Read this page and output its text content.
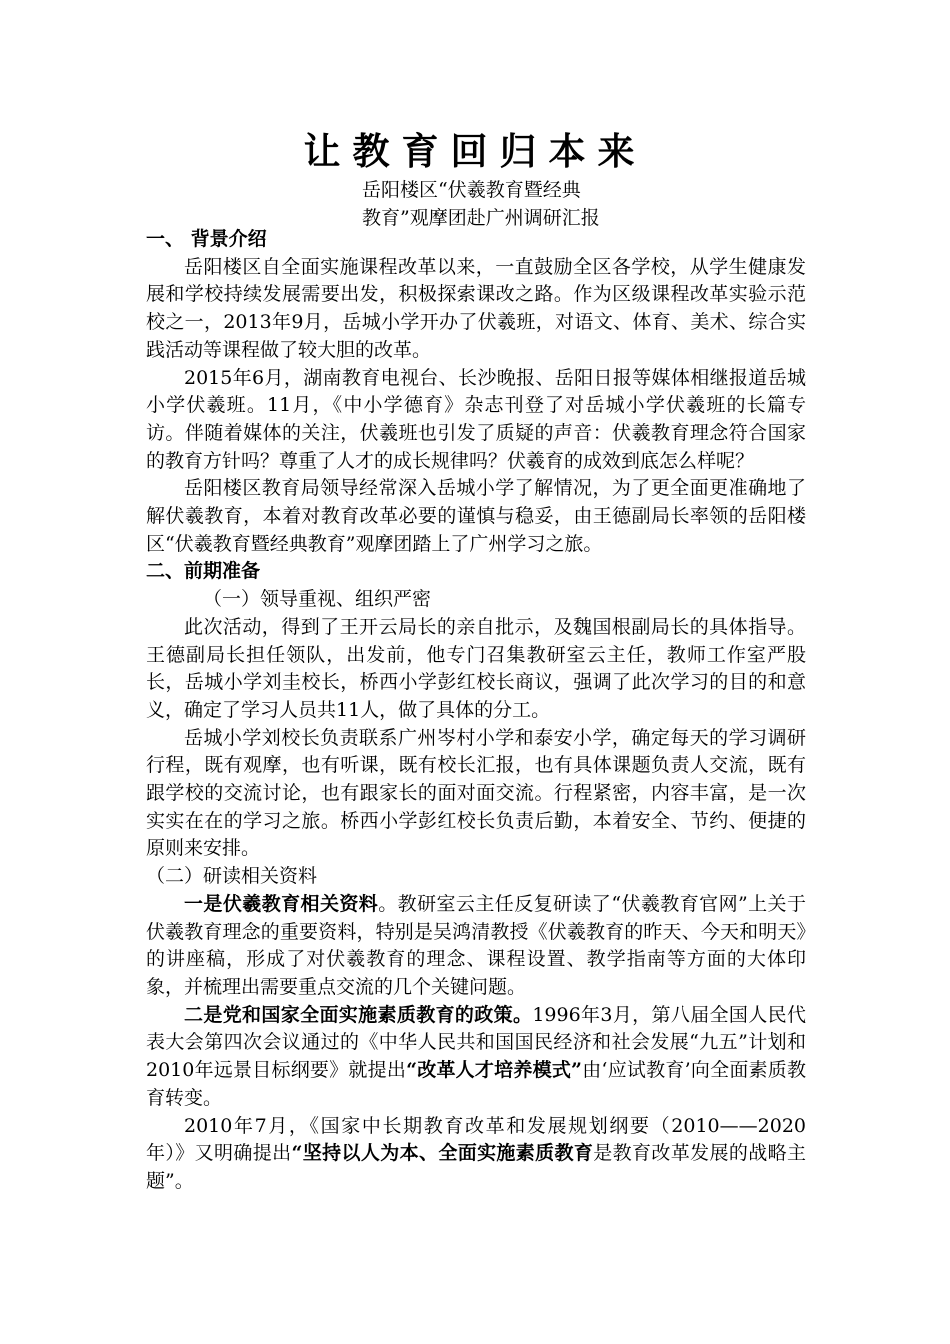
让教育回归本来
岳阳楼区“伏羲教育暨经典
教育”观摩团赴广州调研汇报

一、 背景介绍

岳阳楼区自全面实施课程改革以来，一直鼓励全区各学校，从学生健康发展和学校持续发展需要出发，积极探索课改之路。作为区级课程改革实验示范校之一，2013年9月，岳城小学开办了伏羲班，对语文、体育、美术、综合实践活动等课程做了较大胆的改革。

2015年6月，湖南教育电视台、长沙晚报、岳阳日报等媒体相继报道岳城小学伏羲班。11月，《中小学德育》杂志刊登了对岳城小学伏羲班的长篇专访。伴随着媒体的关注，伏羲班也引发了质疑的声音：伏羲教育理念符合国家的教育方针吗？尊重了人才的成长规律吗？伏羲育的成效到底怎么样呢？

岳阳楼区教育局领导经常深入岳城小学了解情况，为了更全面更准确地了解伏羲教育，本着对教育改革必要的谨慎与稳妥，由王德副局长率领的岳阳楼区“伏羲教育暨经典教育”观摩团踏上了广州学习之旅。

二、前期准备

（一）领导重视、组织严密

此次活动，得到了王开云局长的亲自批示，及魏国根副局长的具体指导。王德副局长担任领队，出发前，他专门召集教研室云主任，教师工作室严股长，岳城小学刘圭校长，桥西小学彭红校长商议，强调了此次学习的目的和意义，确定了学习人员共11人，做了具体的分工。

岳城小学刘校长负责联系广州岑村小学和泰安小学，确定每天的学习调研行程，既有观摩，也有听课，既有校长汇报，也有具体课题负责人交流，既有跟学校的交流讨论，也有跟家长的面对面交流。行程紧密，内容丰富，是一次实实在在的学习之旅。桥西小学彭红校长负责后勤，本着安全、节约、便捷的原则来安排。

（二）研读相关资料

一是伏羲教育相关资料。教研室云主任反复研读了“伏羲教育官网”上关于伏羲教育理念的重要资料，特别是吴鸿清教授《伏羲教育的昨天、今天和明天》的讲座稿，形成了对伏羲教育的理念、课程设置、教学指南等方面的大体印象，并梳理出需要重点交流的几个关键问题。

二是党和国家全面实施素质教育的政策。1996年3月，第八届全国人民代表大会第四次会议通过的《中华人民共和国国民经济和社会发展“九五”计划和2010年远景目标纲要》就提出“改革人才培养模式”由‘应试教育’向全面素质教育转变。

2010年7月，《国家中长期教育改革和发展规划纲要（2010——2020年）》又明确提出“坚持以人为本、全面实施素质教育是教育改革发展的战略主题”。
